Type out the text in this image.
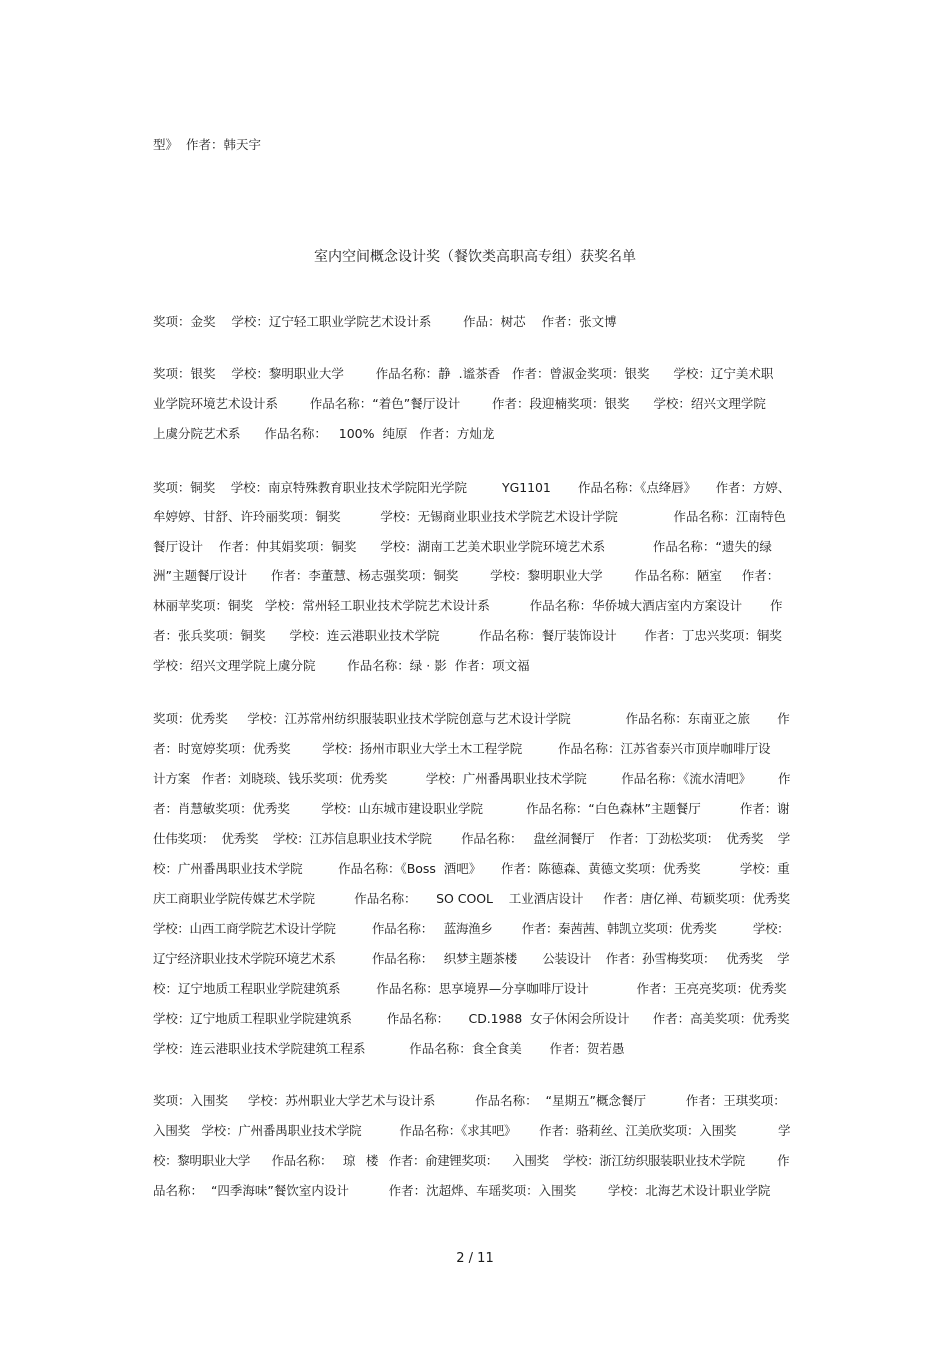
型》  作者：韩天宇

室内空间概念设计奖（餐饮类高职高专组）获奖名单

奖项：金奖    学校：辽宁轻工职业学院艺术设计系        作品：树芯    作者：张文博

奖项：银奖    学校：黎明职业大学        作品名称：静  .谧茶香   作者：曾淑金奖项：银奖      学校：辽宁美术职

业学院环境艺术设计系        作品名称：“着色”餐厅设计        作者：段迎楠奖项：银奖      学校：绍兴文理学院

上虞分院艺术系      作品名称：   100%  纯原   作者：方灿龙

奖项：铜奖    学校：南京特殊教育职业技术学院阳光学院         YG1101       作品名称：《点绛唇》     作者：方婷、

牟婷婷、甘舒、许玲丽奖项：铜奖          学校：无锡商业职业技术学院艺术设计学院              作品名称：江南特色

餐厅设计    作者：仲其娟奖项：铜奖      学校：湖南工艺美术职业学院环境艺术系            作品名称：“遗失的绿

洲”主题餐厅设计      作者：李董慧、杨志强奖项：铜奖        学校：黎明职业大学        作品名称：陋室     作者：

林丽苹奖项：铜奖   学校：常州轻工职业技术学院艺术设计系          作品名称：华侨城大酒店室内方案设计       作

者：张兵奖项：铜奖      学校：连云港职业技术学院          作品名称：餐厅装饰设计       作者：丁忠兴奖项：铜奖

学校：绍兴文理学院上虞分院        作品名称：绿 · 影  作者：项文福

奖项：优秀奖     学校：江苏常州纺织服装职业技术学院创意与艺术设计学院              作品名称：东南亚之旅       作

者：时宽婷奖项：优秀奖        学校：扬州市职业大学土木工程学院         作品名称：江苏省泰兴市顶岸咖啡厅设

计方案   作者：刘晓琰、钱乐奖项：优秀奖          学校：广州番禺职业技术学院         作品名称：《流水清吧》       作

者：肖慧敏奖项：优秀奖        学校：山东城市建设职业学院           作品名称：“白色森林”主题餐厅          作者：谢

仕伟奖项：  优秀奖    学校：江苏信息职业技术学院        作品名称：   盘丝洞餐厅    作者：丁劲松奖项：  优秀奖    学

校：广州番禺职业技术学院         作品名称：《Boss  酒吧》     作者：陈德森、黄德文奖项：优秀奖          学校：重

庆工商职业学院传媒艺术学院          作品名称：     SO COOL    工业酒店设计     作者：唐亿禅、苟颖奖项：优秀奖

学校：山西工商学院艺术设计学院          作品名称：   蓝海渔乡        作者：秦茜茜、韩凯立奖项：优秀奖          学校：

辽宁经济职业技术学院环境艺术系          作品名称：   织梦主题茶楼       公装设计    作者：孙雪梅奖项：   优秀奖    学

校：辽宁地质工程职业学院建筑系         作品名称：思享境界—分享咖啡厅设计            作者：王亮亮奖项：优秀奖

学校：辽宁地质工程职业学院建筑系         作品名称：     CD.1988  女子休闲会所设计      作者：高美奖项：优秀奖

学校：连云港职业技术学院建筑工程系           作品名称：食全食美       作者：贺若愚

奖项：入围奖     学校：苏州职业大学艺术与设计系          作品名称：  “星期五”概念餐厅          作者：王琪奖项：

入围奖   学校：广州番禺职业技术学院          作品名称：《求其吧》      作者：骆莉丝、江美欣奖项：入围奖           学

校：黎明职业大学      作品名称：   琼   楼   作者：俞建锂奖项：    入围奖    学校：浙江纺织服装职业技术学院         作

品名称：  “四季海味”餐饮室内设计          作者：沈超烨、车瑶奖项：入围奖        学校：北海艺术设计职业学院

2 / 11
